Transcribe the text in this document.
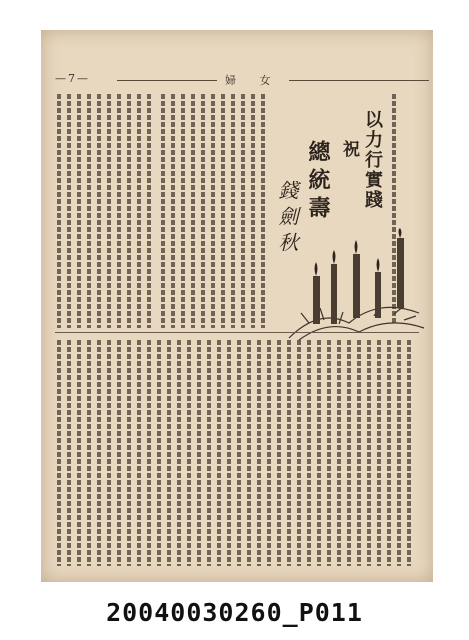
—7—	婦 女
以力行實踐
祝
總統壽
錢劍秋
20040030260_P011
